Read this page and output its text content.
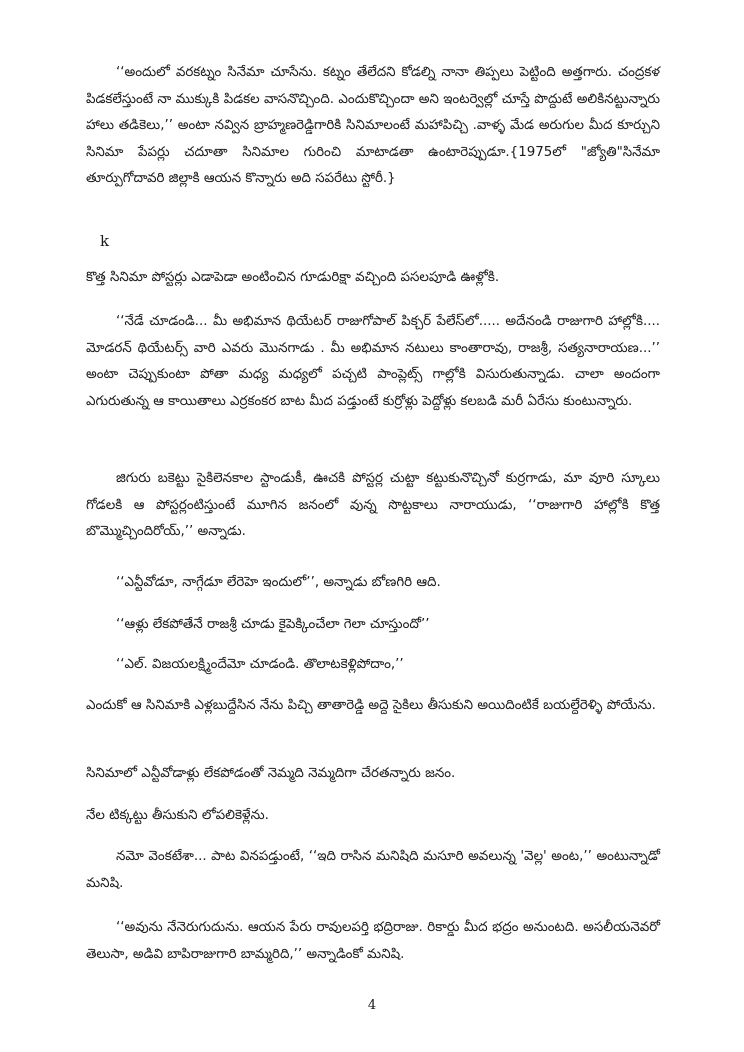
‘‘అందులో వరకట్నం సినేమా చూసేను. కట్నం తేలేదని కోడల్ని నానా తిప్పలు పెట్టింది అత్తగారు. చంద్రకళ పిడకలేస్తుంటే నా ముక్కుకి పిడకల వాసనొచ్చింది. ఎందుకొచ్చిందా అని ఇంటర్వెల్లో చూస్తే పొద్దుటే అలికినట్టున్నారు హాలు తడికెలు,’’ అంటా నవ్విన బ్రాహ్మణరెడ్డిగారికి సినిమాలంటే మహాపిచ్చి .వాళ్ళ మేడ అరుగుల మీద కూర్చుని సినిమా పేపర్లు చదూతా సినిమాల గురించి మాటాడతా ఉంటారెప్పుడూ.{1975లో "జ్యోతి"సినేమా తూర్పుగోదావరి జిల్లాకి ఆయన కొన్నారు అది సపరేటు స్టోరీ.}

k

కొత్త సినిమా పోస్టర్లు ఎడాపెడా అంటించిన గూడురిక్షా వచ్చింది పసలపూడి ఊళ్లోకి.

‘‘నేడే చూడండి... మీ అభిమాన థియేటర్ రాజుగోపాల్ పిక్చర్ పేలేస్‌లో..... అదేనండి రాజుగారి హాల్లోకి.... మోడరన్ థియేటర్స్ వారి ఎవరు మొనగాడు . మీ అభిమాన నటులు కాంతారావు, రాజశ్రీ, సత్యనారాయణ...’’ అంటా చెప్పుకుంటా పోతా మధ్య మధ్యలో పచ్చటి పాంప్లెట్స్ గాల్లోకి విసురుతున్నాడు. చాలా అందంగా ఎగురుతున్న ఆ కాయితాలు ఎర్రకంకర బాట మీద పడ్తుంటే కుర్రోళ్లు పెద్దోళ్లు కలబడి మరీ ఏరేసు కుంటున్నారు.

జిగురు బకెట్టు సైకిలెనకాల స్టాండుకీ, ఊచకి పోస్టర్ల చుట్టా కట్టుకునొచ్చినో కుర్రగాడు, మా వూరి స్కూలు గోడలకి ఆ పోస్టర్లంటిస్తుంటే మూగిన జనంలో వున్న సొట్టకాలు నారాయుడు, ‘‘రాజుగారి హాల్లోకి కొత్త బొమ్మొచ్చిందిరోయ్,’’ అన్నాడు.

‘‘ఎన్టీవోడూ, నాగ్గేడూ లేరెహె ఇందులో’’, అన్నాడు బోణగిరి ఆది.

‘‘ఆళ్లు లేకపోతేనే రాజశ్రీ చూడు కైపెక్కించేలా గెలా చూస్తుందో’’

‘‘ఎల్. విజయలక్ష్మిందేమో చూడండి. తొలాటకెళ్లిపోదాం,’’

ఎందుకో ఆ సినిమాకి ఎళ్లబుద్దేసిన నేను పిచ్చి తాతారెడ్డి అద్దె సైకిలు తీసుకుని అయిదింటికే బయల్దేరెళ్ళి పోయేను.

సినిమాలో ఎన్టీవోడాళ్లు లేకపోడంతో నెమ్మది నెమ్మదిగా చేరతన్నారు జనం.

నేల టిక్కట్టు తీసుకుని లోపలికెళ్లేను.

నమో వెంకటేశా... పాట వినపడ్తుంటే, ‘‘ఇది రాసిన మనిషిది మసూరి అవలున్న 'వెల్ల' అంట,’’ అంటున్నాడో మనిషి.

‘‘అవును నేనెరుగుదును. ఆయన పేరు రావులపర్తి భద్రిరాజు. రికార్డు మీద భద్రం అనుంటది. అసలీయనెవరో తెలుసా, అడివి బాపిరాజుగారి బామ్మరిది,’’ అన్నాడింకో మనిషి.

4
